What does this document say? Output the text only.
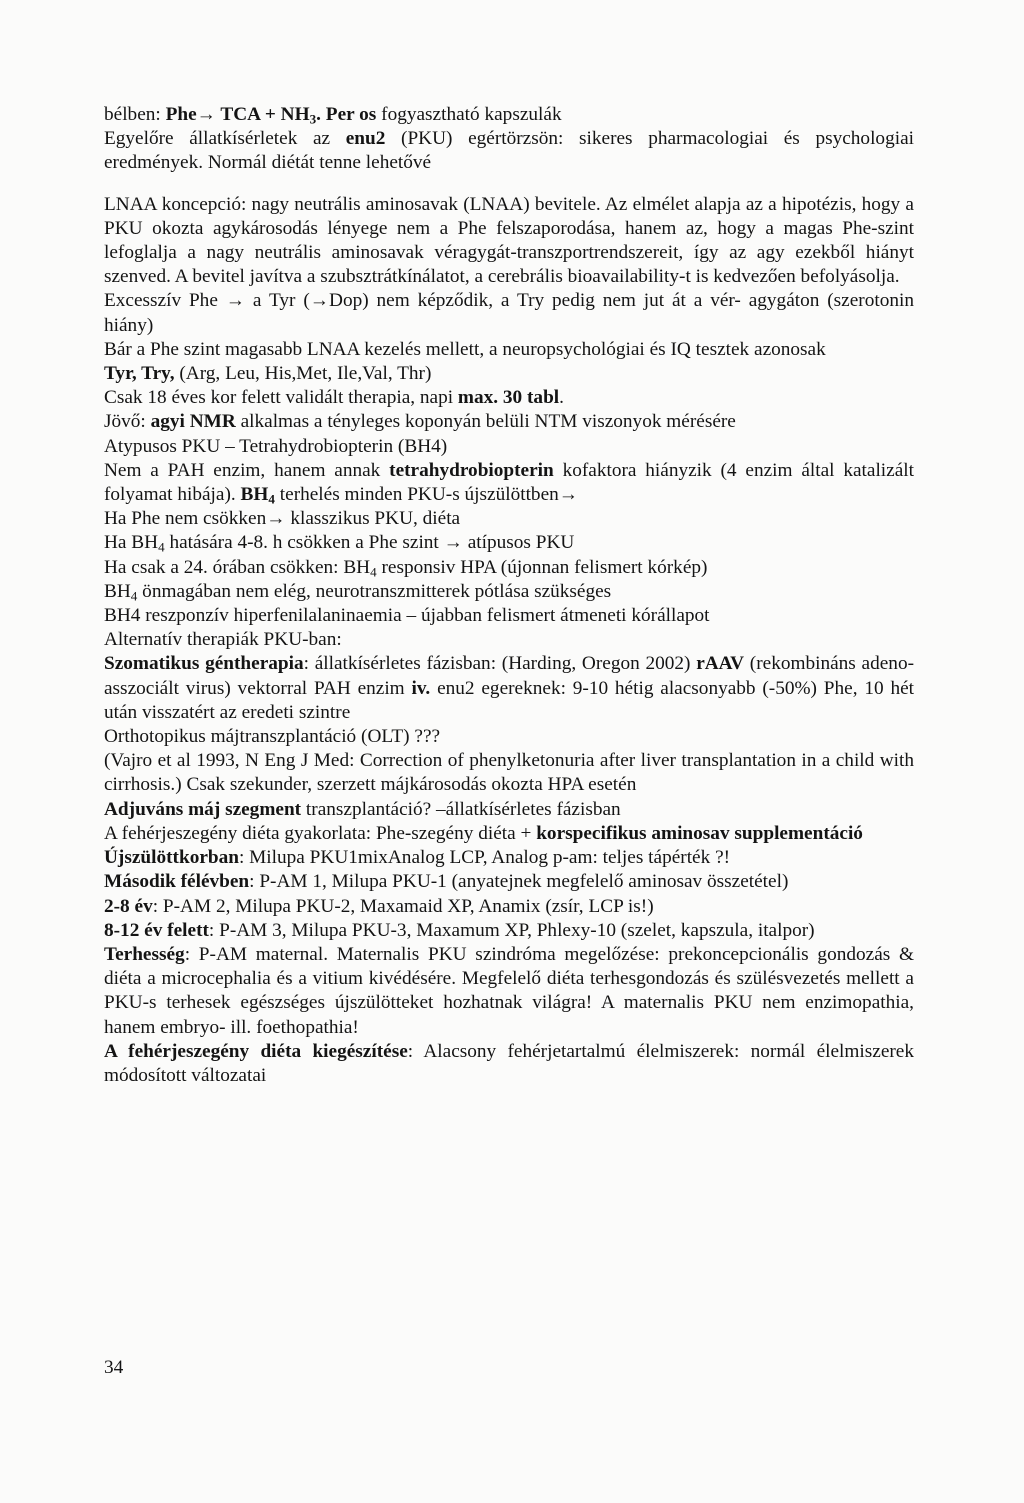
bélben: Phe→ TCA + $NH_3$. Per os fogyasztható kapszulák

Egyelőre állatkísérletek az enu2 (PKU) egértörzsön: sikeres pharmacologiai és psychologiai eredmények. Normál diétát tenne lehetővé

LNAA koncepció: nagy neutrális aminosavak (LNAA) bevitele. Az elmélet alapja az a hipotézis, hogy a PKU okozta agykárosodás lényege nem a Phe felszaporodása, hanem az, hogy a magas Phe-szint lefoglalja a nagy neutrális aminosavak véragygát-transzportrendszereit, így az agy ezekből hiányt szenved. A bevitel javítva a szubsztrátkínálatot, a cerebrális bioavailability-t is kedvezően befolyásolja.

Excesszív Phe → a Tyr (→Dop) nem képződik, a Try pedig nem jut át a vér- agygáton (szerotonin hiány)

Bár a Phe szint magasabb LNAA kezelés mellett, a neuropsychológiai és IQ tesztek azonosak

Tyr, Try, (Arg, Leu, His,Met, Ile,Val, Thr)

Csak 18 éves kor felett validált therapia, napi max. 30 tabl.

Jövő: agyi NMR alkalmas a tényleges koponyán belüli NTM viszonyok mérésére

Atypusos PKU – Tetrahydrobiopterin (BH4)

Nem a PAH enzim, hanem annak tetrahydrobiopterin kofaktora hiányzik (4 enzim által katalizált folyamat hibája). $BH_4$ terhelés minden PKU-s újszülöttben→

Ha Phe nem csökken→ klasszikus PKU, diéta

Ha $BH_4$ hatására 4-8. h csökken a Phe szint → atípusos PKU

Ha csak a 24. órában csökken: $BH_4$ responsiv HPA (újonnan felismert kórkép)

$BH_4$ önmagában nem elég, neurotranszmitterek pótlása szükséges

BH4 reszponzív hiperfenilalaninaemia – újabban felismert átmeneti kórállapot

Alternatív therapiák PKU-ban:

Szomatikus géntherapia: állatkísérletes fázisban: (Harding, Oregon 2002) rAAV (rekombináns adeno-asszociált virus) vektorral PAH enzim iv. enu2 egereknek: 9-10 hétig alacsonyabb (-50%) Phe, 10 hét után visszatért az eredeti szintre

Orthotopikus májtranszplantáció (OLT) ???

(Vajro et al 1993, N Eng J Med: Correction of phenylketonuria after liver transplantation in a child with cirrhosis.) Csak szekunder, szerzett májkárosodás okozta HPA esetén

Adjuváns máj szegment transzplantáció? –állatkísérletes fázisban

A fehérjeszegény diéta gyakorlata: Phe-szegény diéta + korspecifikus aminosav supplementáció

Újszülöttkorban: Milupa PKU1mixAnalog LCP, Analog p-am: teljes tápérték ?!

Második félévben: P-AM 1, Milupa PKU-1 (anyatejnek megfelelő aminosav összetétel)

2-8 év: P-AM 2, Milupa PKU-2, Maxamaid XP, Anamix (zsír, LCP is!)

8-12 év felett: P-AM 3, Milupa PKU-3, Maxamum XP, Phlexy-10 (szelet, kapszula, italpor)

Terhesség: P-AM maternal. Maternalis PKU szindróma megelőzése: prekoncepcionális gondozás & diéta a microcephalia és a vitium kivédésére. Megfelelő diéta terhesgondozás és szülésvezetés mellett a PKU-s terhesek egészséges újszülötteket hozhatnak világra! A maternalis PKU nem enzimopathia, hanem embryo- ill. foethopathia!

A fehérjeszegény diéta kiegészítése: Alacsony fehérjetartalmú élelmiszerek: normál élelmiszerek módosított változatai

34
